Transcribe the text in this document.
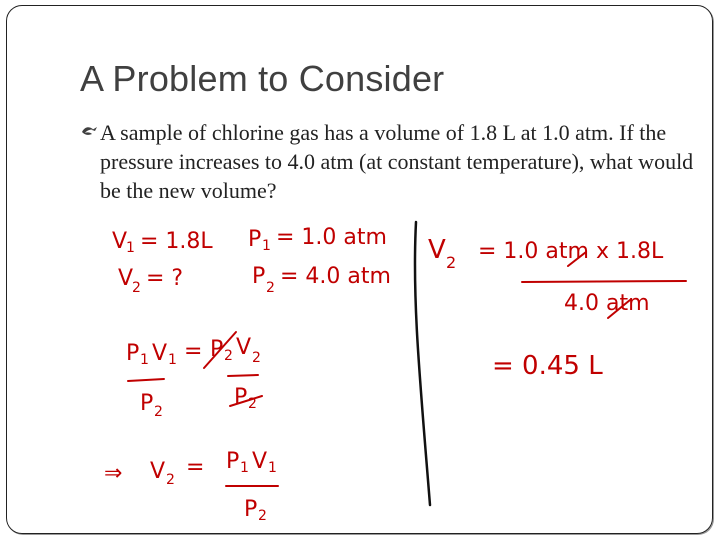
A Problem to Consider
A sample of chlorine gas has a volume of 1.8 L at 1.0 atm. If the pressure increases to 4.0 atm (at constant temperature), what would be the new volume?
V
1 = 1.8L P 1 = 1.0 atm
V
2 = ?	P 2 = 4.0 atm
P 1 V 1 = P 2 V 2
P 2
P 2
⇒ V 2 = P 1 V 1
P 2
V 2 = 1.0 atm x 1.8L
4.0 atm
= 0.45 L
